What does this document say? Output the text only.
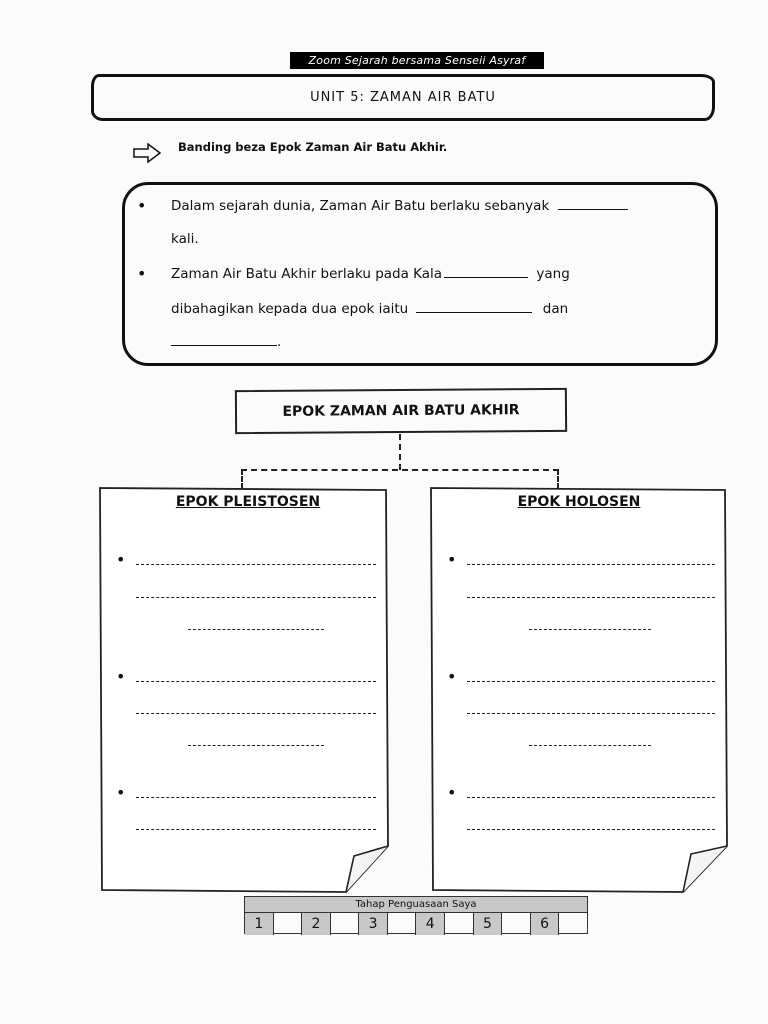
Zoom Sejarah bersama Senseii Asyraf
UNIT 5: ZAMAN AIR BATU
Banding beza Epok Zaman Air Batu Akhir.
• Dalam sejarah dunia, Zaman Air Batu berlaku sebanyak
kali.
• Zaman Air Batu Akhir berlaku pada Kala	yang
dibahagikan kepada dua epok iaitu	dan
.
EPOK ZAMAN AIR BATU AKHIR
EPOK PLEISTOSEN
•
•
•
EPOK HOLOSEN
•
•
•
Tahap Penguasaan Saya
1	2	3	4	5	6
